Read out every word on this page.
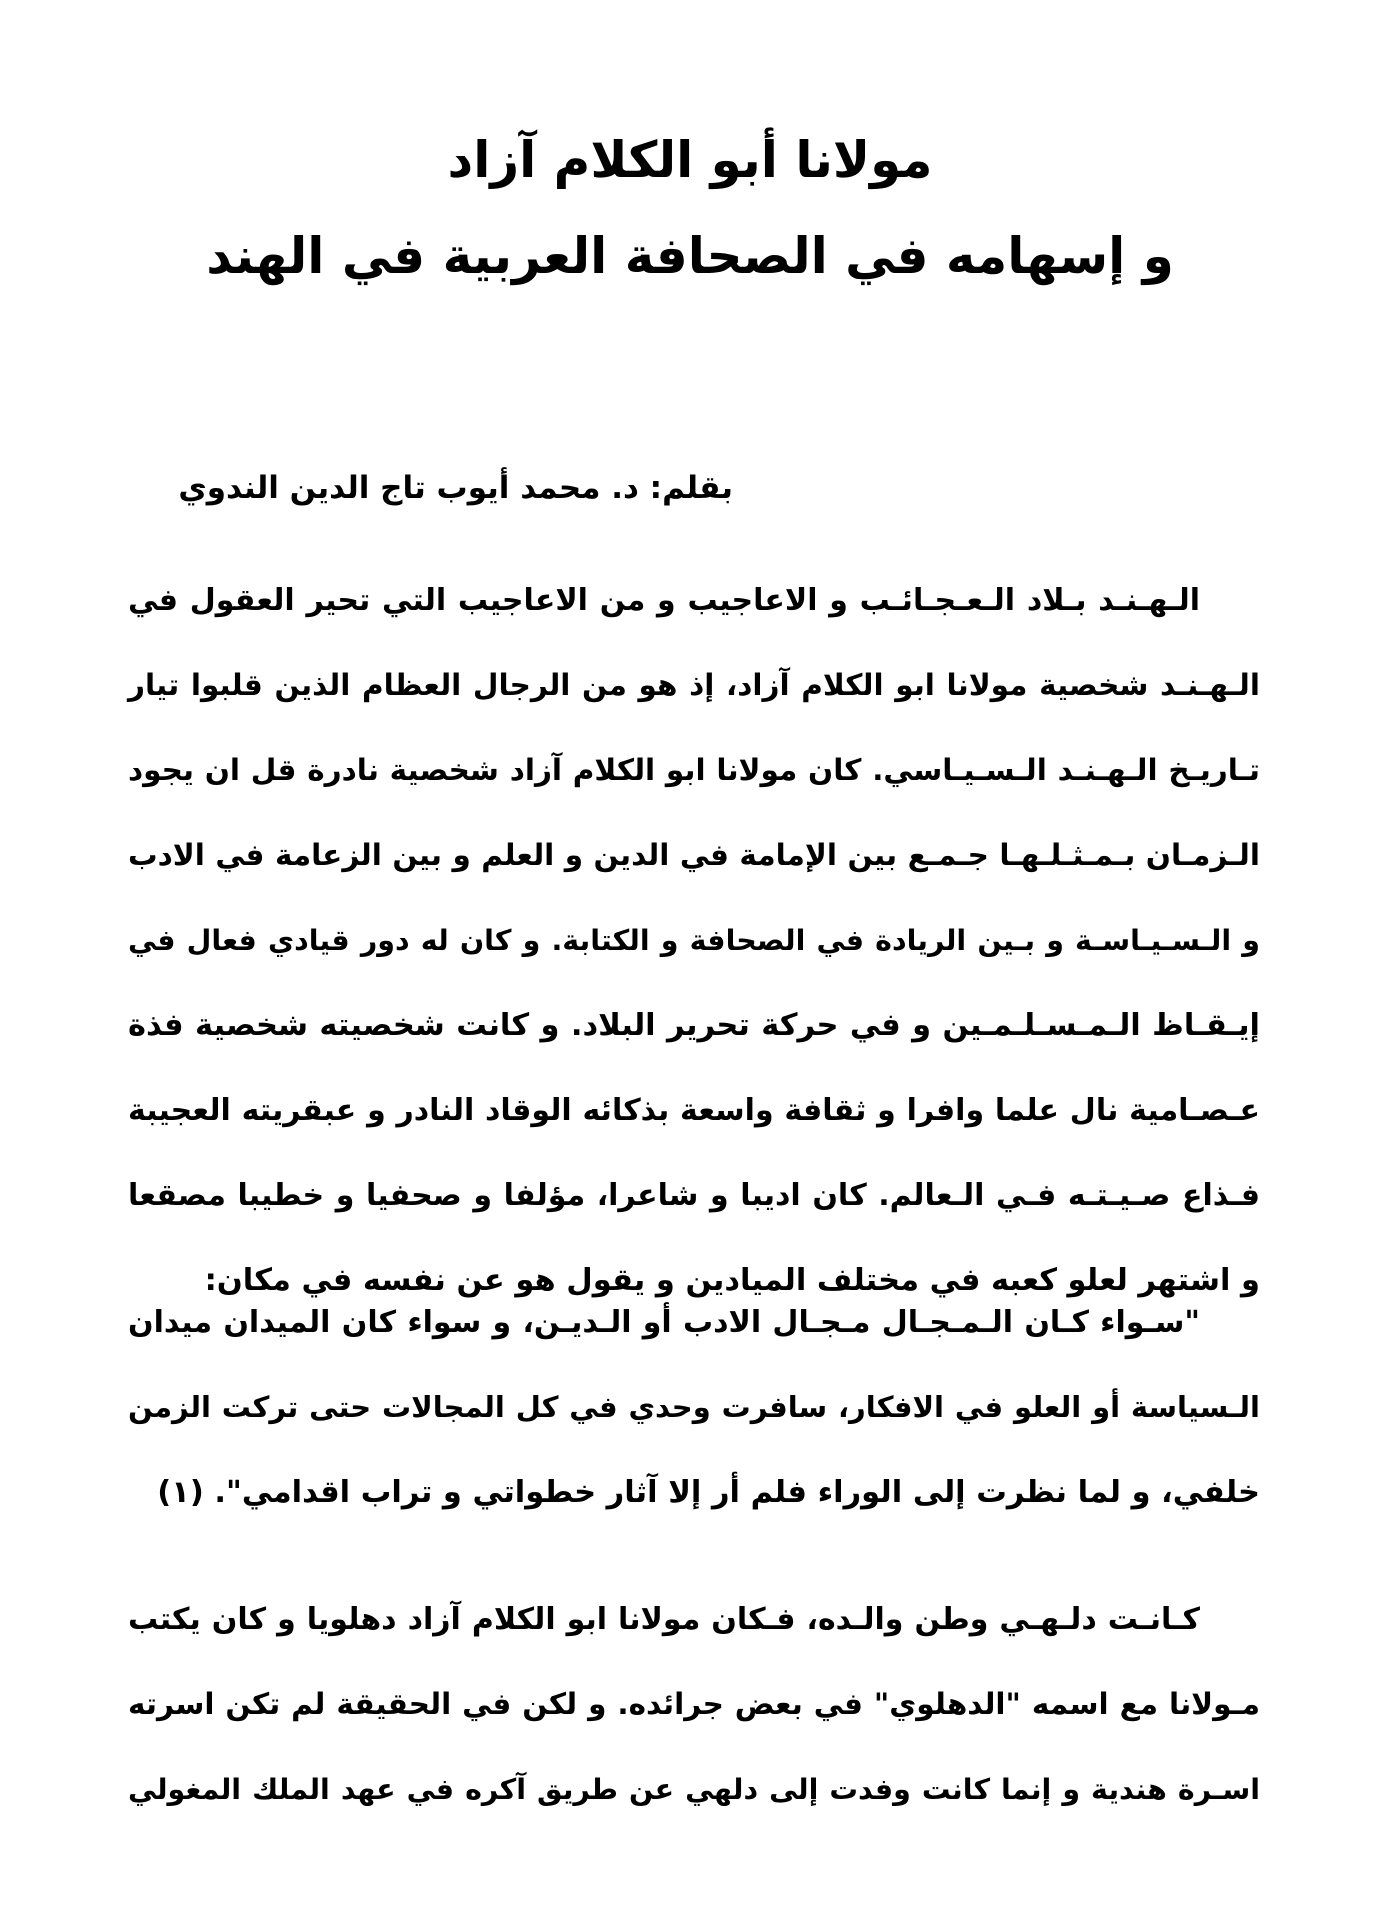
مولانا أبو الكلام آزاد
و إسهامه في الصحافة العربية في الهند
بقلم: د. محمد أيوب تاج الدين الندوي
الـهـنـد بـلاد الـعـجـائـب و الاعاجيب و من الاعاجيب التي تحير العقول في
الـهـنـد شخصية مولانا ابو الكلام آزاد، إذ هو من الرجال العظام الذين قلبوا تيار
تـاريـخ الـهـنـد الـسـيـاسي. كان مولانا ابو الكلام آزاد شخصية نادرة قل ان يجود
الـزمـان بـمـثـلـهـا جـمـع بين الإمامة في الدين و العلم و بين الزعامة في الادب
و الـسـيـاسـة و بـين الريادة في الصحافة و الكتابة. و كان له دور قيادي فعال في
إيـقـاظ الـمـسـلـمـين و في حركة تحرير البلاد. و كانت شخصيته شخصية فذة
عـصـامية نال علما وافرا و ثقافة واسعة بذكائه الوقاد النادر و عبقريته العجيبة
فـذاع صـيـتـه فـي الـعالم. كان اديبا و شاعرا، مؤلفا و صحفيا و خطيبا مصقعا
و اشتهر لعلو كعبه في مختلف الميادين و يقول هو عن نفسه في مكان:
"سـواء كـان الـمـجـال مـجـال الادب أو الـديـن، و سواء كان الميدان ميدان
الـسياسة أو العلو في الافكار، سافرت وحدي في كل المجالات حتى تركت الزمن
خلفي، و لما نظرت إلى الوراء فلم أر إلا آثار خطواتي و تراب اقدامي". (١)
كـانـت دلـهـي وطن والـده، فـكان مولانا ابو الكلام آزاد دهلويا و كان يكتب
مـولانا مع اسمه "الدهلوي" في بعض جرائده. و لكن في الحقيقة لم تكن اسرته
اسـرة هندية و إنما كانت وفدت إلى دلهي عن طريق آكره في عهد الملك المغولي
